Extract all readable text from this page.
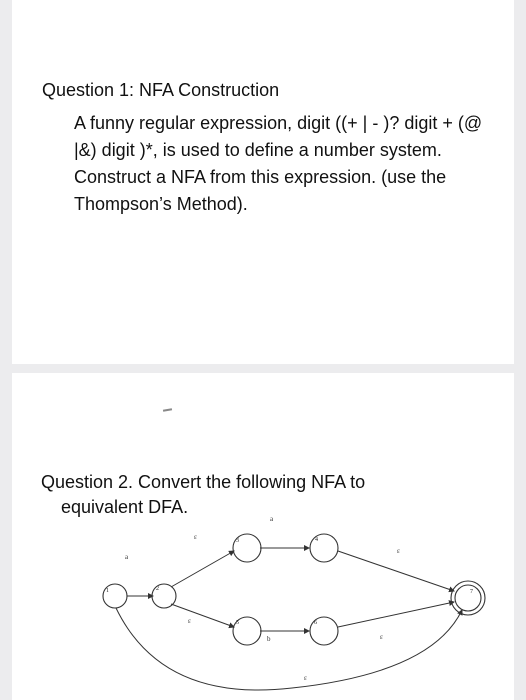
Question 1: NFA Construction

A funny regular expression, digit ((+ | - )? digit + (@ |&) digit )*, is used to define a number system. Construct a NFA from this expression. (use the Thompson’s Method).

Question 2. Convert the following NFA to
equivalent DFA.
a
ε
a
ε
ε
b	ε
ε
1	2
3	4
5	6
7
